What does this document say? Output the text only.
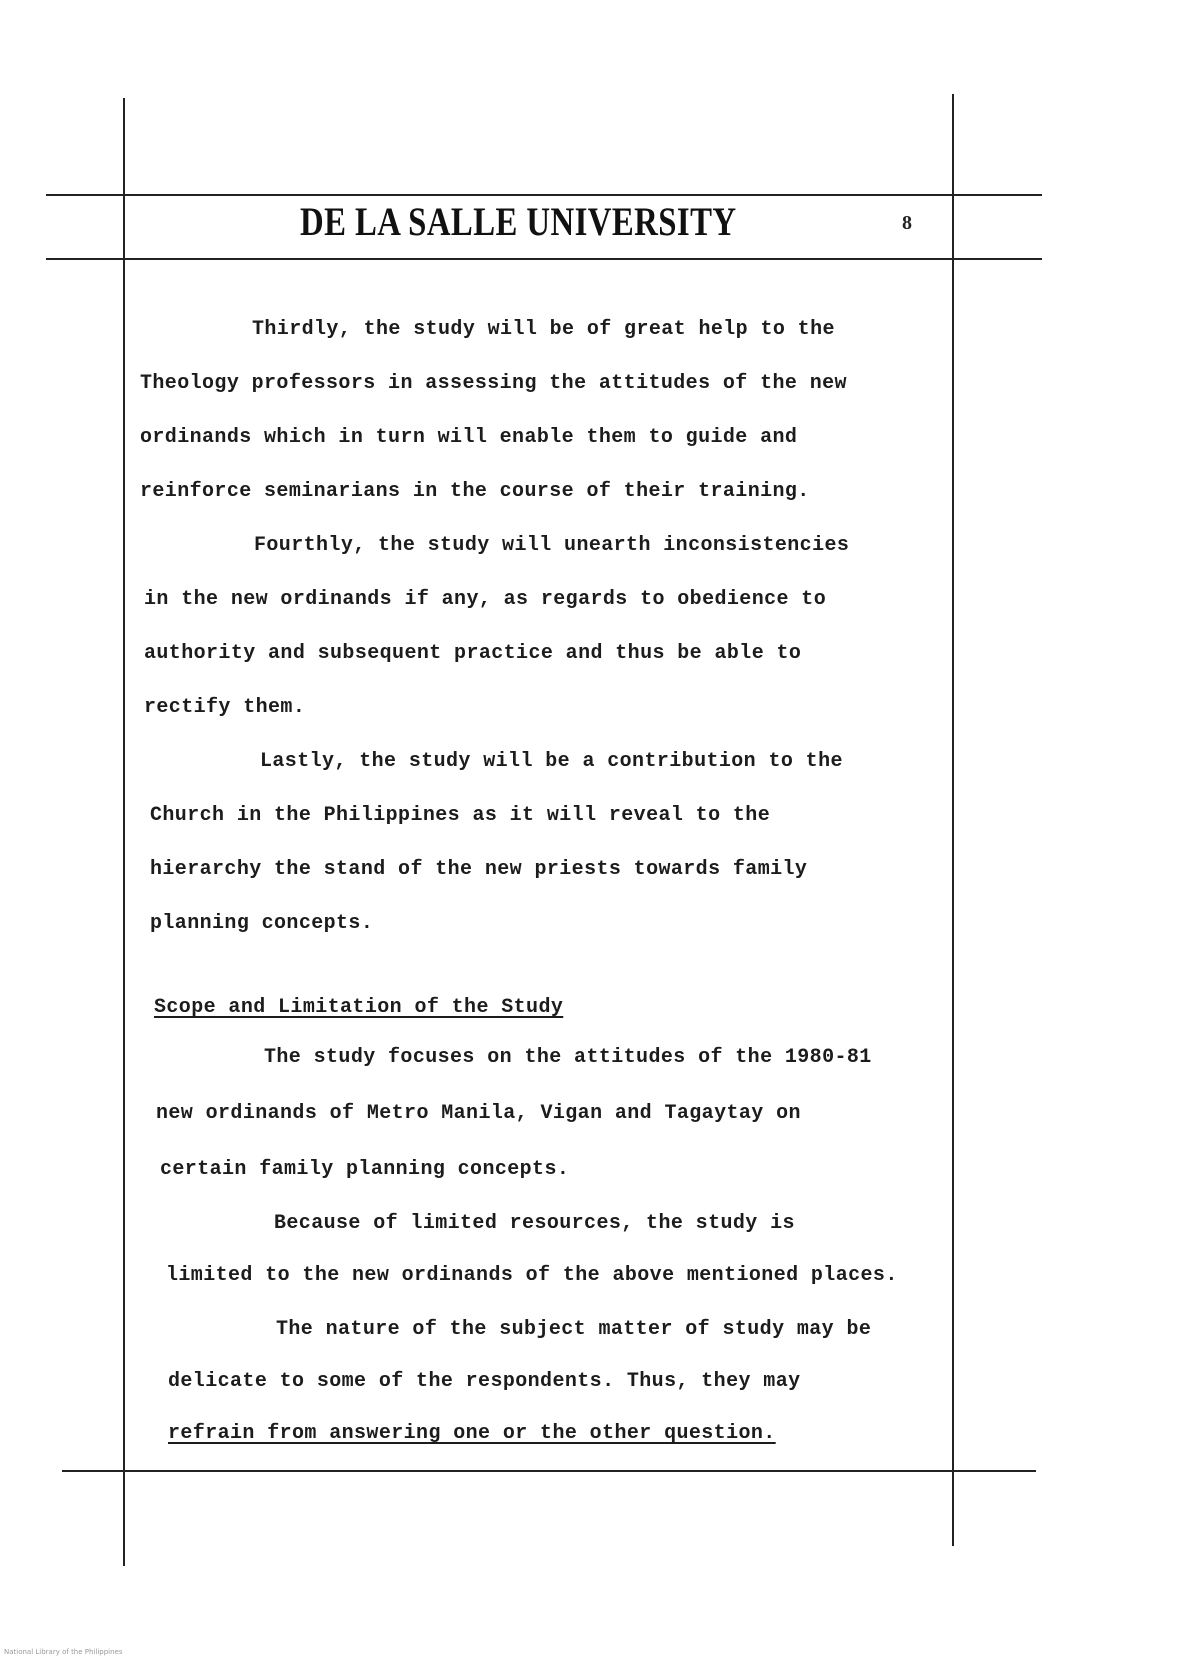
DE LA SALLE UNIVERSITY	8
Thirdly, the study will be of great help to the
Theology professors in assessing the attitudes of the new
ordinands which in turn will enable them to guide and
reinforce seminarians in the course of their training.
Fourthly, the study will unearth inconsistencies
in the new ordinands if any, as regards to obedience to
authority and subsequent practice and thus be able to
rectify them.
Lastly, the study will be a contribution to the
Church in the Philippines as it will reveal to the
hierarchy the stand of the new priests towards family
planning concepts.
Scope and Limitation of the Study
The study focuses on the attitudes of the 1980-81
new ordinands of Metro Manila, Vigan and Tagaytay on
certain family planning concepts.
Because of limited resources, the study is
limited to the new ordinands of the above mentioned places.
The nature of the subject matter of study may be
delicate to some of the respondents. Thus, they may
refrain from answering one or the other question.
National Library of the Philippines
